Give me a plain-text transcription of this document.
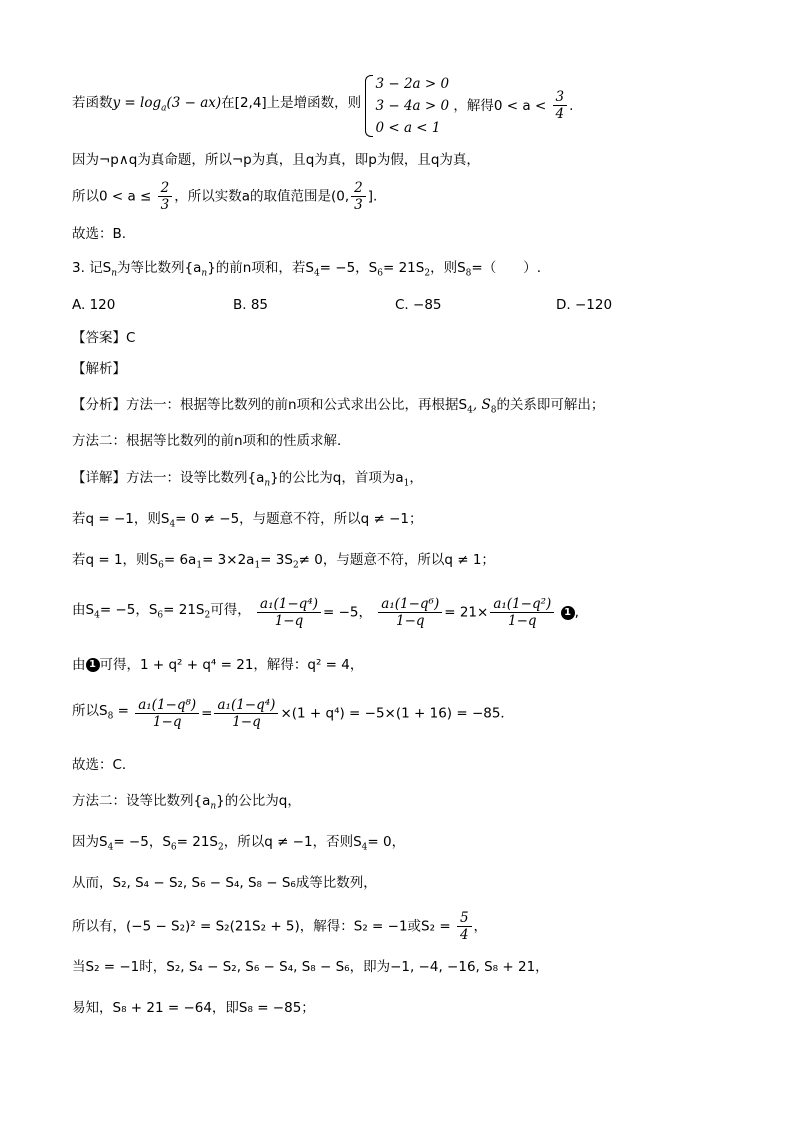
若函数$y = \log_a(3 - ax)$在[2,4]上是增函数，则
3 − 2a > 0
3 − 4a > 0
0 < a < 1
，解得$0 < a < \frac{3}{4}$ .
因为¬p∧q为真命题，所以¬p为真，且q为真，即p为假，且q为真，
所以$0 < a \le \frac{2}{3}$ ，所以实数a的取值范围是(0, $\frac{2}{3}$ ].
故选：B.
3. 记$S_n$为等比数列$\{a_n\}$的前n项和，若$S_4= -5$，$S_6= 21S_2$，则$S_8=$（　　）.
A. 120	B. 85	C. −85	D. −120
【答案】C
【解析】
【分析】方法一：根据等比数列的前n项和公式求出公比，再根据$S_4$, $S_8$的关系即可解出；
方法二：根据等比数列的前n项和的性质求解．
【详解】方法一：设等比数列$\{a_n\}$的公比为q，首项为$a_1$，
若q = −1，则$S_4= 0 \ne -5$，与题意不符，所以q ≠ −1；
若q = 1，则$S_6= 6a_1= 3\times 2a_1= 3S_2\ne 0$，与题意不符，所以q ≠ 1；
由$S_4= -5$，$S_6= 21S_2$可得， $\frac{\text{a₁(1−q⁴)}}{1-q} = -5$， $\frac{\text{a₁(1−q⁶)}}{1-q} = 21\times \frac{\text{a₁(1−q²)}}{1-q} 1$ ,
由 1 可得，1 + q² + q⁴ = 21，解得：q² = 4，
所以$S_8 = \frac{\text{a₁(1−q⁸)}}{1-q} = \frac{\text{a₁(1−q⁴)}}{1-q} \times(1 + q^4) = -5\times(1 + 16) = -85$．
故选：C．
方法二：设等比数列$\{a_n\}$的公比为q，
因为$S_4= -5$，$S_6= 21S_2$，所以q ≠ −1，否则$S_4= 0$，
从而，S₂, S₄ − S₂, S₆ − S₄, S₈ − S₆成等比数列，
所以有，(−5 − S₂)² = S₂(21S₂ + 5)，解得：S₂ = −1或$S_2 = \frac{5}{4}$ ，
当S₂ = −1时，S₂, S₄ − S₂, S₆ − S₄, S₈ − S₆，即为−1, −4, −16, S₈ + 21，
易知，S₈ + 21 = −64，即S₈ = −85；
